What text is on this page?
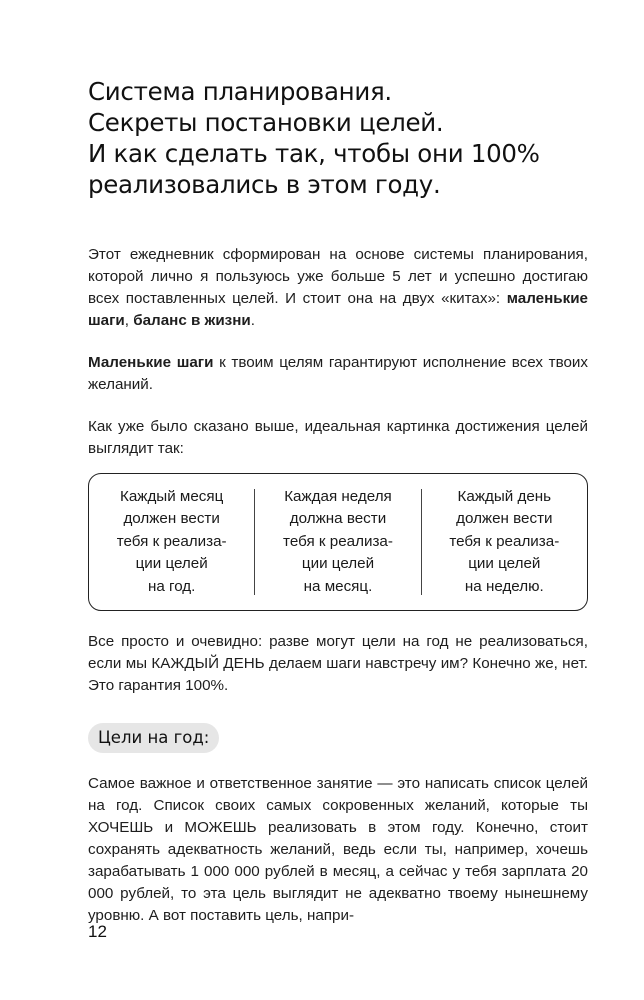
Система планирования.
Секреты постановки целей.
И как сделать так, чтобы они 100%
реализовались в этом году.

Этот ежедневник сформирован на основе системы планирования, которой лично я пользуюсь уже больше 5 лет и успешно достигаю всех поставленных целей. И стоит она на двух «китах»: маленькие шаги, баланс в жизни.

Маленькие шаги к твоим целям гарантируют исполнение всех твоих желаний.

Как уже было сказано выше, идеальная картинка достижения целей выглядит так:

Каждый месяц
должен вести
тебя к реализа-
ции целей
на год.
Каждая неделя
должна вести
тебя к реализа-
ции целей
на месяц.
Каждый день
должен вести
тебя к реализа-
ции целей
на неделю.

Все просто и очевидно: разве могут цели на год не реализоваться, если мы КАЖДЫЙ ДЕНЬ делаем шаги навстречу им? Конечно же, нет. Это гарантия 100%.

Цели на год:

Самое важное и ответственное занятие — это написать список целей на год. Список своих самых сокровенных желаний, которые ты ХОЧЕШЬ и МОЖЕШЬ реализовать в этом году. Конечно, стоит сохранять адекватность желаний, ведь если ты, например, хочешь зарабатывать 1 000 000 рублей в месяц, а сейчас у тебя зарплата 20 000 рублей, то эта цель выглядит не адекватно твоему нынешнему уровню. А вот поставить цель, напри-

12
